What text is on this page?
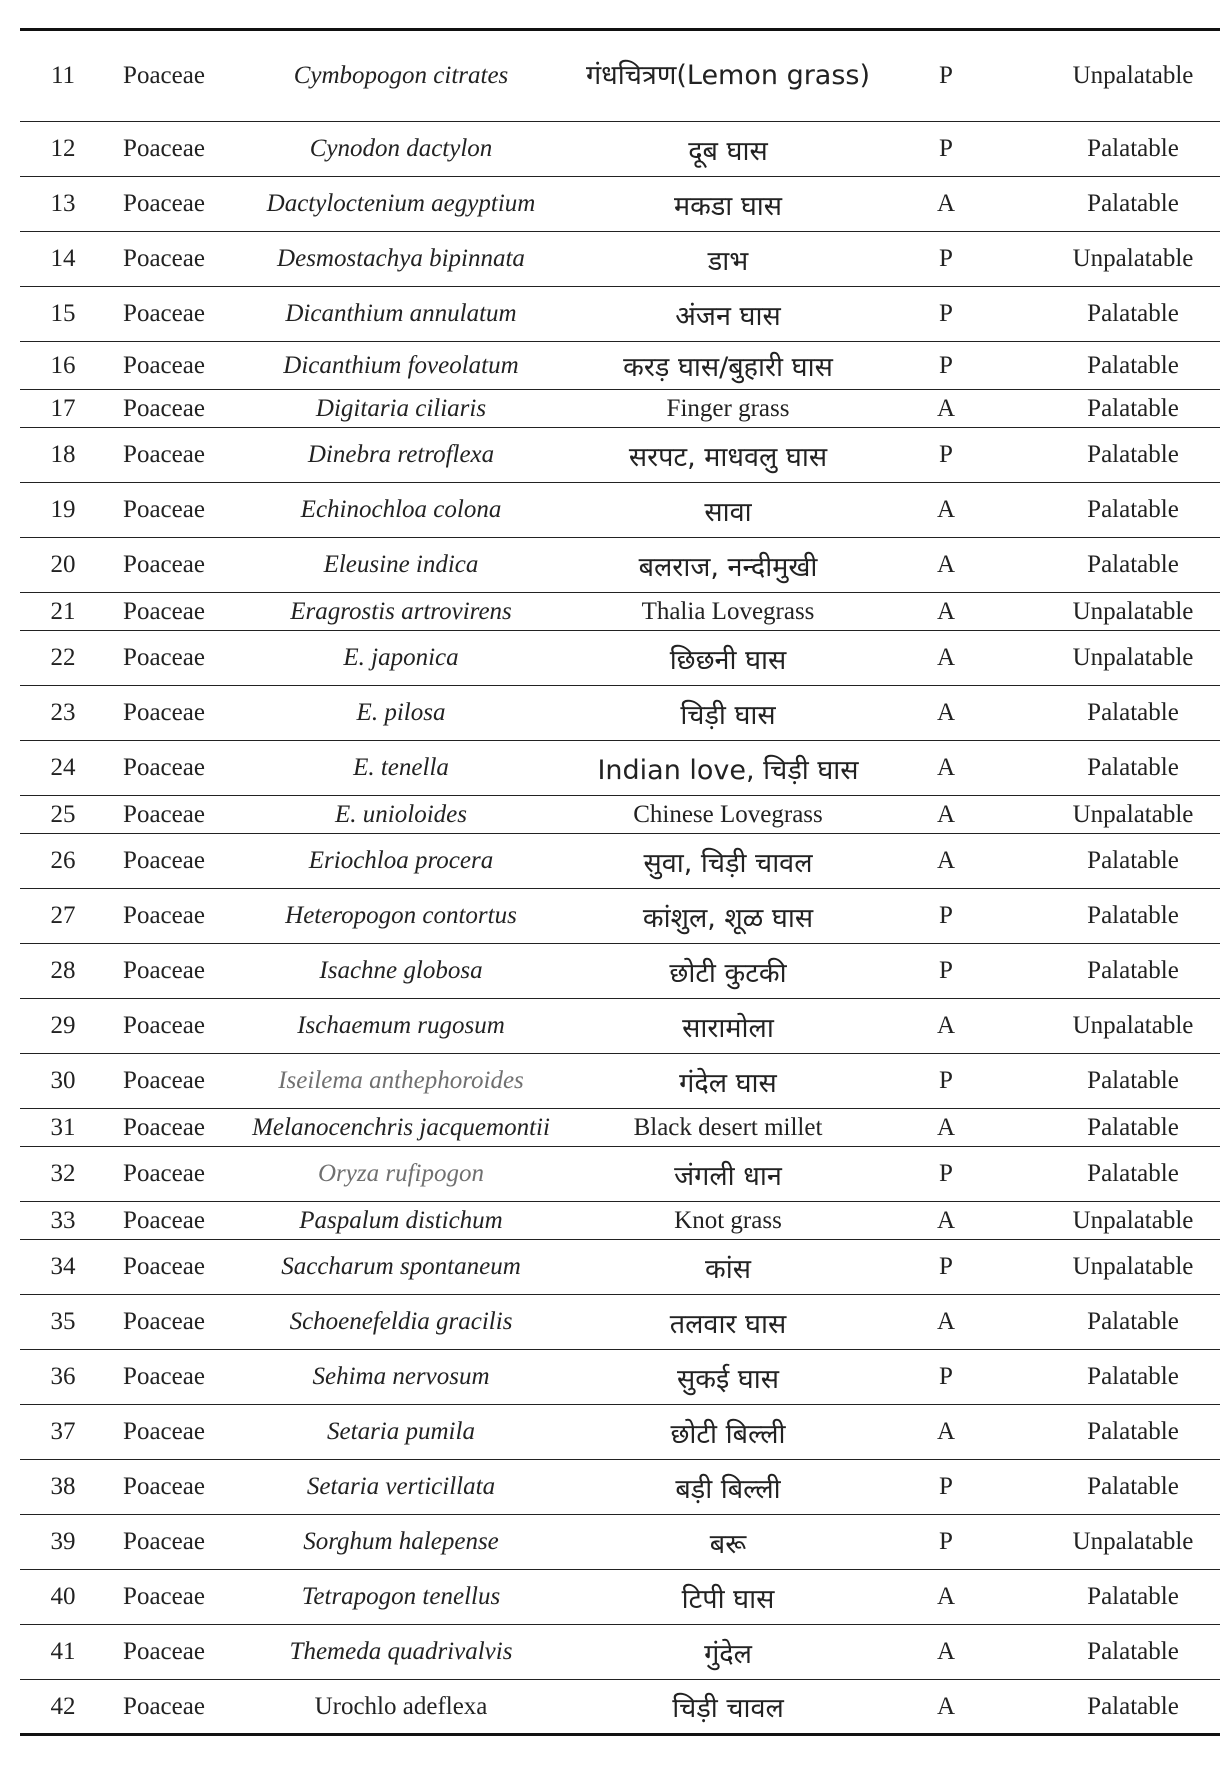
11	Poaceae	Cymbopogon citrates	गंधचित्रण(Lemon grass)	P	Unpalatable
12	Poaceae	Cynodon dactylon	दूब घास	P	Palatable
13	Poaceae	Dactyloctenium aegyptium	मकडा घास	A	Palatable
14	Poaceae	Desmostachya bipinnata	डाभ	P	Unpalatable
15	Poaceae	Dicanthium annulatum	अंजन घास	P	Palatable
16	Poaceae	Dicanthium foveolatum	करड़ घास/बुहारी घास	P	Palatable
17	Poaceae	Digitaria ciliaris	Finger grass	A	Palatable
18	Poaceae	Dinebra retroflexa	सरपट, माधवलु घास	P	Palatable
19	Poaceae	Echinochloa colona	सावा	A	Palatable
20	Poaceae	Eleusine indica	बलराज, नन्दीमुखी	A	Palatable
21	Poaceae	Eragrostis artrovirens	Thalia Lovegrass	A	Unpalatable
22	Poaceae	E. japonica	छिछनी घास	A	Unpalatable
23	Poaceae	E. pilosa	चिड़ी घास	A	Palatable
24	Poaceae	E. tenella	Indian love, चिड़ी घास	A	Palatable
25	Poaceae	E. unioloides	Chinese Lovegrass	A	Unpalatable
26	Poaceae	Eriochloa procera	सुवा, चिड़ी चावल	A	Palatable
27	Poaceae	Heteropogon contortus	कांशुल, शूळ घास	P	Palatable
28	Poaceae	Isachne globosa	छोटी कुटकी	P	Palatable
29	Poaceae	Ischaemum rugosum	सारामोला	A	Unpalatable
30	Poaceae	Iseilema anthephoroides	गंदेल घास	P	Palatable
31	Poaceae	Melanocenchris jacquemontii	Black desert millet	A	Palatable
32	Poaceae	Oryza rufipogon	जंगली धान	P	Palatable
33	Poaceae	Paspalum distichum	Knot grass	A	Unpalatable
34	Poaceae	Saccharum spontaneum	कांस	P	Unpalatable
35	Poaceae	Schoenefeldia gracilis	तलवार घास	A	Palatable
36	Poaceae	Sehima nervosum	सुकई घास	P	Palatable
37	Poaceae	Setaria pumila	छोटी बिल्ली	A	Palatable
38	Poaceae	Setaria verticillata	बड़ी बिल्ली	P	Palatable
39	Poaceae	Sorghum halepense	बरू	P	Unpalatable
40	Poaceae	Tetrapogon tenellus	टिपी घास	A	Palatable
41	Poaceae	Themeda quadrivalvis	गुंदेल	A	Palatable
42	Poaceae	Urochlo adeflexa	चिड़ी चावल	A	Palatable
